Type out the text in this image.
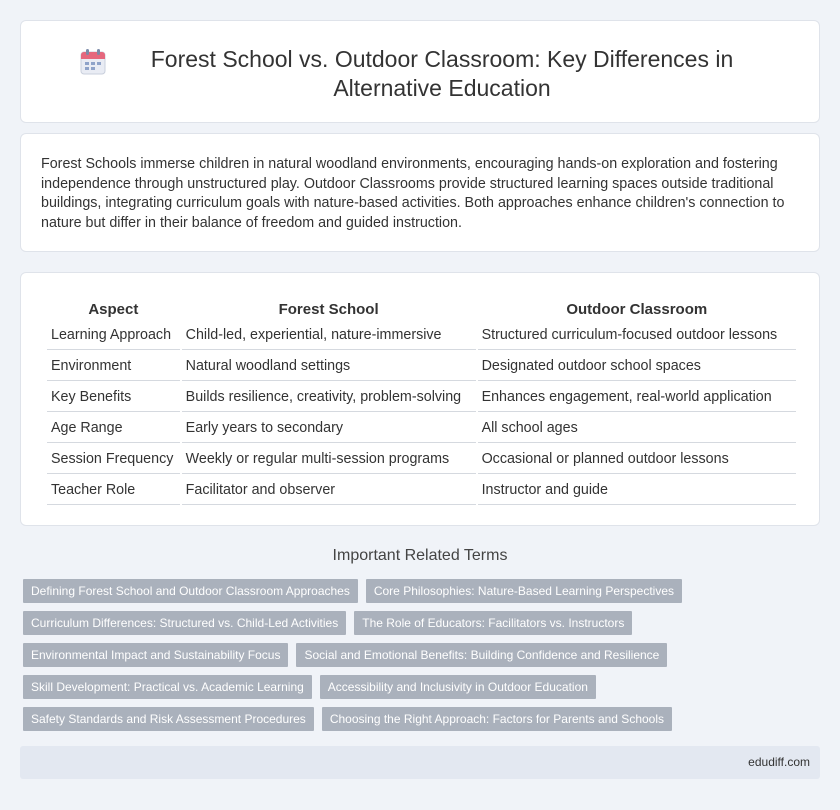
Forest School vs. Outdoor Classroom: Key Differences in Alternative Education

Forest Schools immerse children in natural woodland environments, encouraging hands-on exploration and fostering independence through unstructured play. Outdoor Classrooms provide structured learning spaces outside traditional buildings, integrating curriculum goals with nature-based activities. Both approaches enhance children's connection to nature but differ in their balance of freedom and guided instruction.

Aspect	Forest School	Outdoor Classroom
Learning Approach	Child-led, experiential, nature-immersive	Structured curriculum-focused outdoor lessons
Environment	Natural woodland settings	Designated outdoor school spaces
Key Benefits	Builds resilience, creativity, problem-solving	Enhances engagement, real-world application
Age Range	Early years to secondary	All school ages
Session Frequency	Weekly or regular multi-session programs	Occasional or planned outdoor lessons
Teacher Role	Facilitator and observer	Instructor and guide
Important Related Terms
Defining Forest School and Outdoor Classroom Approaches	Core Philosophies: Nature-Based Learning Perspectives
Curriculum Differences: Structured vs. Child-Led Activities	The Role of Educators: Facilitators vs. Instructors
Environmental Impact and Sustainability Focus	Social and Emotional Benefits: Building Confidence and Resilience
Skill Development: Practical vs. Academic Learning	Accessibility and Inclusivity in Outdoor Education
Safety Standards and Risk Assessment Procedures	Choosing the Right Approach: Factors for Parents and Schools
edudiff.com
